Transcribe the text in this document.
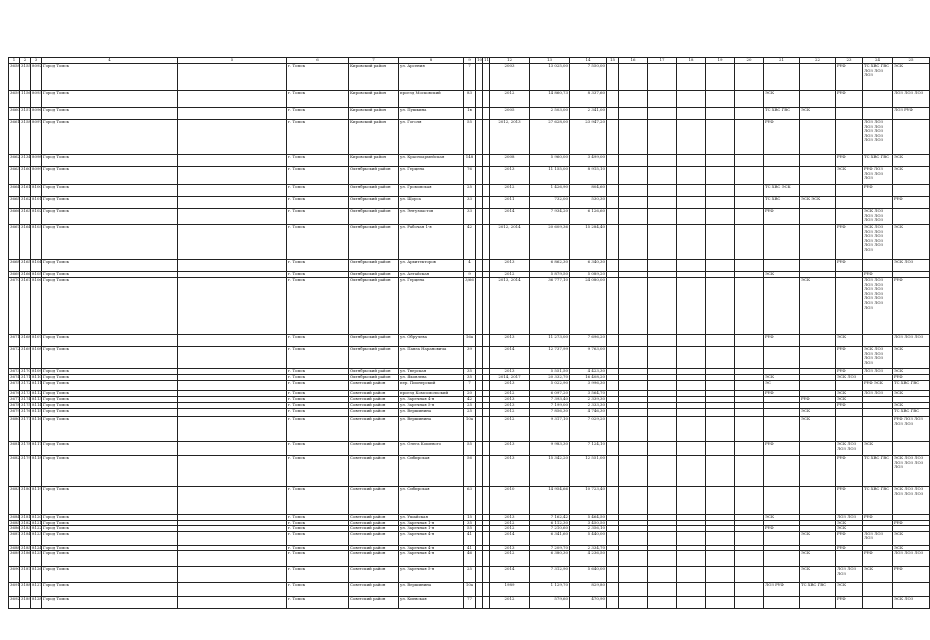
1	2	3	4	5	6	7	8	9	10	11	12	13	14	15	16	17	18	19	20	21	22	23	24	25
3658	3155	8092	Город Томск		г. Томск	Кировский район	ул. Арсения	7			2003	13 025,00	7 550,00									РУФ	ТС ХВС ГВС ЛОЗ ЛОЗ ЛОЗ	ЭСК
3659	1156	8093	Город Томск		г. Томск	Кировский район	проезд Московский	83			2012	14 860,73	8 337,60							ЭСК		РУФ		ЛОЗ ЛОЗ ЛОЗ
3660	3157	8096	Город Томск		г. Томск	Кировский район	ул. Пушкина	1в			2005	2 503,00	2 341,00							ТС ХВС ГВС	ЭСК			ЛОЗ РУФ
3661	3158	8097	Город Томск		г. Томск	Кировский район	ул. Гоголя	55			2012, 2013	27 628,00	23 947,20							РУФ			ЛОЗ ЛОЗ ЛОЗ ЛОЗ ЛОЗ ЛОЗ ЛОЗ ЛОЗ ЛОЗ ЛОЗ	
3662	3134	8098	Город Томск		г. Томск	Кировский район	ул. Красноармейская	148			2008	5 960,00	3 499,00									РУФ	ТС ХВС ГВС	ЭСК
3663	3160	8099	Город Томск		г. Томск	Октябрьский район	ул. Герцена	76			2013	11 155,00	8 915,10									ЭСК	РУФ ЛОЗ ЛОЗ ЛОЗ ЛОЗ	ЭСК
3664	3161	8100	Город Томск		г. Томск	Октябрьский район	ул. Громовская	25			2012	1 426,90	804,60							ТС ХВС ЭСК			РУФ	
3665	3162	8101	Город Томск		г. Томск	Октябрьский район	ул. Щорса	33			2011	732,00	530,30							ТС ХВС	ЭСК ЭСК			РУФ
3666	3163	8102	Город Томск		г. Томск	Октябрьский район	ул. Энтузиастов	33			2014	7 934,20	6 126,60							РУФ			ЭСК ЛОЗ ЛОЗ ЛОЗ ЛОЗ ЛОЗ	
3667	3164	8103	Город Томск		г. Томск	Октябрьский район	ул. Рабочая 1-я	42			2012, 2014	20 609,36	15 284,40									РУФ	ЭСК ЛОЗ ЛОЗ ЛОЗ ЛОЗ ЛОЗ ЛОЗ ЛОЗ ЛОЗ ЛОЗ ЛОЗ	ЭСК
3668	3165	8104	Город Томск		г. Томск	Октябрьский район	ул. Архитекторов	4			2013	6 862,30	6 340,30									РУФ		ЭСК ЛОЗ
3669	3166	8105	Город Томск		г. Томск	Октябрьский район	ул. Алтайская	9			2012	5 879,50	5 089,20							ЭСК			РУФ	
3670	3167	8106	Город Томск		г. Томск	Октябрьский район	ул. Герцена	3/66			2013, 2014	36 777,10	24 080,00								ЭСК		ЛОЗ ЛОЗ ЛОЗ ЛОЗ ЛОЗ ЛОЗ ЛОЗ ЛОЗ ЛОЗ ЛОЗ ЛОЗ ЛОЗ ЛОЗ	РУФ
3671	3168	8107	Город Томск		г. Томск	Октябрьский район	ул. Обручева	16а			2013	11 273,00	7 696,20							РУФ		ЭСК		ЛОЗ ЛОЗ ЛОЗ
3672	3169	8108	Город Томск		г. Томск	Октябрьский район	ул. Павла Нарановича	39			2014	12 737,99	9 763,00									РУФ	ЭСК ЛОЗ ЛОЗ ЛОЗ ЛОЗ ЛОЗ ЛОЗ	ЭСК
3673	3170	8109	Город Томск		г. Томск	Октябрьский район	ул. Тверская	35			2013	5 551,50	4 423,30									РУФ	ЛОЗ ЛОЗ	ЭСК
3674	3171	8110	Город Томск		г. Томск	Октябрьский район	ул. Яковлева	35			2014, 2017	20 332,70	16 408,20							ЭСК		ЭСК ЛОЗ		РУФ
3675	3172	8111	Город Томск		г. Томск	Советский район	пер. Пионерский	7			2013	5 022,90	3 996,30							ЭС			РУФ ЭСК	ТС ХВС ГВС
3676	3173	8112	Город Томск		г. Томск	Советский район	проезд Комсомольский	20			2012	6 097,20	3 564,70							РУФ		ЭСК	ЛОЗ ЛОЗ	ЭСК
3677	3174	8113	Город Томск		г. Томск	Советский район	ул. Заречная 4-я	42			2013	7 393,40	2 339,30								РУФ	ЭСК		
3678	3175	8114	Город Томск		г. Томск	Советский район	ул. Заречная 5-я	25			2013	7 199,00	2 333,30									РУФ		ЭСК
3679	3176	8115	Город Томск		г. Томск	Советский район	ул. Вершинина	25			2012	7 856,30	4 746,30								ЭСК			ТС ХВС ГВС
3680	3177	8116	Город Томск		г. Томск	Советский район	ул. Вершинина	10а			2012	9 317,10	7 029,20								ЭСК			РУФ ЛОЗ ЛОЗ ЛОЗ ЛОЗ
3681	3178	8117	Город Томск		г. Томск	Советский район	ул. Олега Кошевого	55			2013	9 983,30	7 124,10							РУФ		ЭСК ЛОЗ ЛОЗ ЛОЗ	ЭСК	
3682	3179	8118	Город Томск		г. Томск	Советский район	ул. Сибирская	56			2013	15 342,20	12 551,00									РУФ	ТС ХВС ГВС	ЭСК ЛОЗ ЛОЗ ЛОЗ ЛОЗ ЛОЗ ЛОЗ
3683	3180	8119	Город Томск		г. Томск	Советский район	ул. Сибирская	63			2010	14 954,66	10 723,40									РУФ	ТС ХВС ГВС	ЭСК ЛОЗ ЛОЗ ЛОЗ ЛОЗ ЛОЗ
3684	3181	8120	Город Томск		г. Томск	Советский район	ул. Ушайская	15			2013	7 162,42	5 464,50							ЭСК		ЛОЗ ЛОЗ	РУФ	
3685	3182	8121	Город Томск		г. Томск	Советский район	ул. Заречная 1-я	35			2012	6 112,30	3 450,50									ЭСК		РУФ
3686	3183	8122	Город Томск		г. Томск	Советский район	ул. Заречная 1-я	55			2012	7 210,60	2 356,10							РУФ		ЭСК		
3687	3184	8123	Город Томск		г. Томск	Советский район	ул. Заречная 4-я	41			2014	6 341,60	5 440,00								ЭСК	РУФ	ЛОЗ ЛОЗ ЛОЗ	ЭСК
3688	3185	8124	Город Томск		г. Томск	Советский район	ул. Заречная 4-я	41			2013	7 209,70	2 334,70									РУФ		ЭСК
3689	3186	8125	Город Томск		г. Томск	Советский район	ул. Заречная 4-я	46			2012	6 380,30	4 236,50								ЭСК		РУФ	ЛОЗ ЛОЗ ЛОЗ
3690	3187	8126	Город Томск		г. Томск	Советский район	ул. Заречная 5-я	25			2014	7 312,90	5 640,00								ЭСК	ЛОЗ ЛОЗ ЛОЗ	ЭСК	РУФ
3691	3188	8127	Город Томск		г. Томск	Советский район	ул. Вершинина	10а			1989	1 129,70	829,80							ЛОЗ РУФ	ТС ХВС ГВС	ЭСК		
3692	3189	8128	Город Томск		г. Томск	Советский район	ул. Киевская	77			2012	579,60	470,90									РУФ		ЭСК ЛОЗ
